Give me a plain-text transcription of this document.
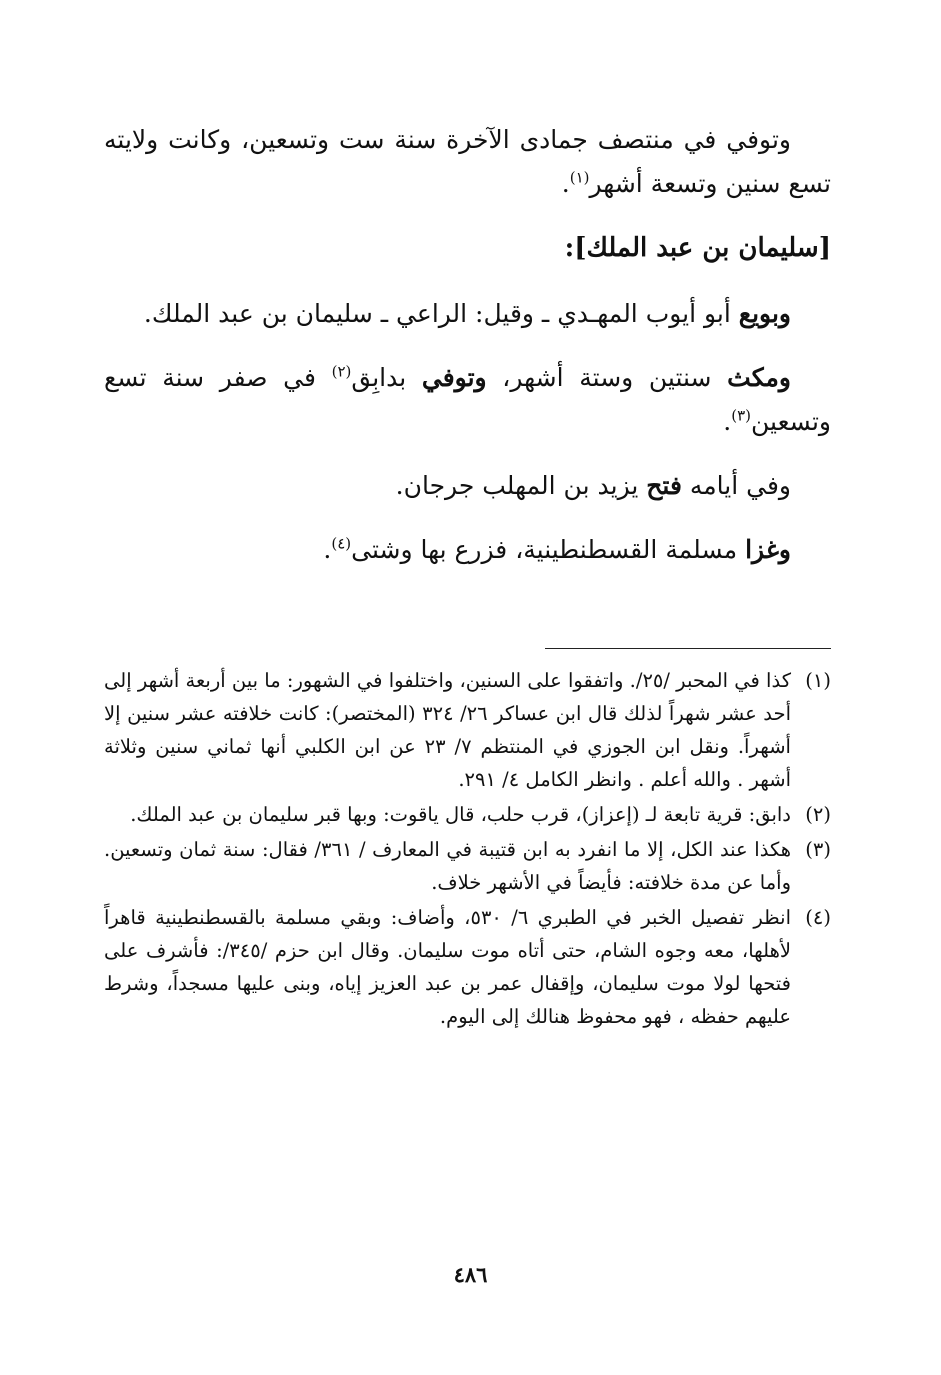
وتوفي في منتصف جمادى الآخرة سنة ست وتسعين، وكانت ولايته تسع سنين وتسعة أشهر$^{(١)}$.

[سليمان بن عبد الملك]:

وبويع أبو أيوب المهـدي ـ وقيل: الراعي ـ سليمان بن عبد الملك.

ومكث سنتين وستة أشهر، وتوفي بدابِق$^{(٢)}$ في صفر سنة تسع وتسعين$^{(٣)}$.

وفي أيامه فتح يزيد بن المهلب جرجان.

وغزا مسلمة القسطنطينية، فزرع بها وشتى$^{(٤)}$.

(١)
كذا في المحبر /٢٥/. واتفقوا على السنين، واختلفوا في الشهور: ما بين أربعة أشهر إلى أحد عشر شهراً لذلك قال ابن عساكر ٢٦/ ٣٢٤ (المختصر): كانت خلافته عشر سنين إلا أشهراً. ونقل ابن الجوزي في المنتظم ٧/ ٢٣ عن ابن الكلبي أنها ثماني سنين وثلاثة أشهر . والله أعلم . وانظر الكامل ٤/ ٢٩١.
(٢)
دابق: قرية تابعة لـ (إعزاز)، قرب حلب، قال ياقوت: وبها قبر سليمان بن عبد الملك.
(٣)
هكذا عند الكل، إلا ما انفرد به ابن قتيبة في المعارف / ٣٦١/ فقال: سنة ثمان وتسعين. وأما عن مدة خلافته: فأيضاً في الأشهر خلاف.
(٤)
انظر تفصيل الخبر في الطبري ٦/ ٥٣٠، وأضاف: وبقي مسلمة بالقسطنطينية قاهراً لأهلها، معه وجوه الشام، حتى أتاه موت سليمان. وقال ابن حزم /٣٤٥/: فأشرف على فتحها لولا موت سليمان، وإقفال عمر بن عبد العزيز إياه، وبنى عليها مسجداً، وشرط عليهم حفظه ، فهو محفوظ هنالك إلى اليوم.
٤٨٦
